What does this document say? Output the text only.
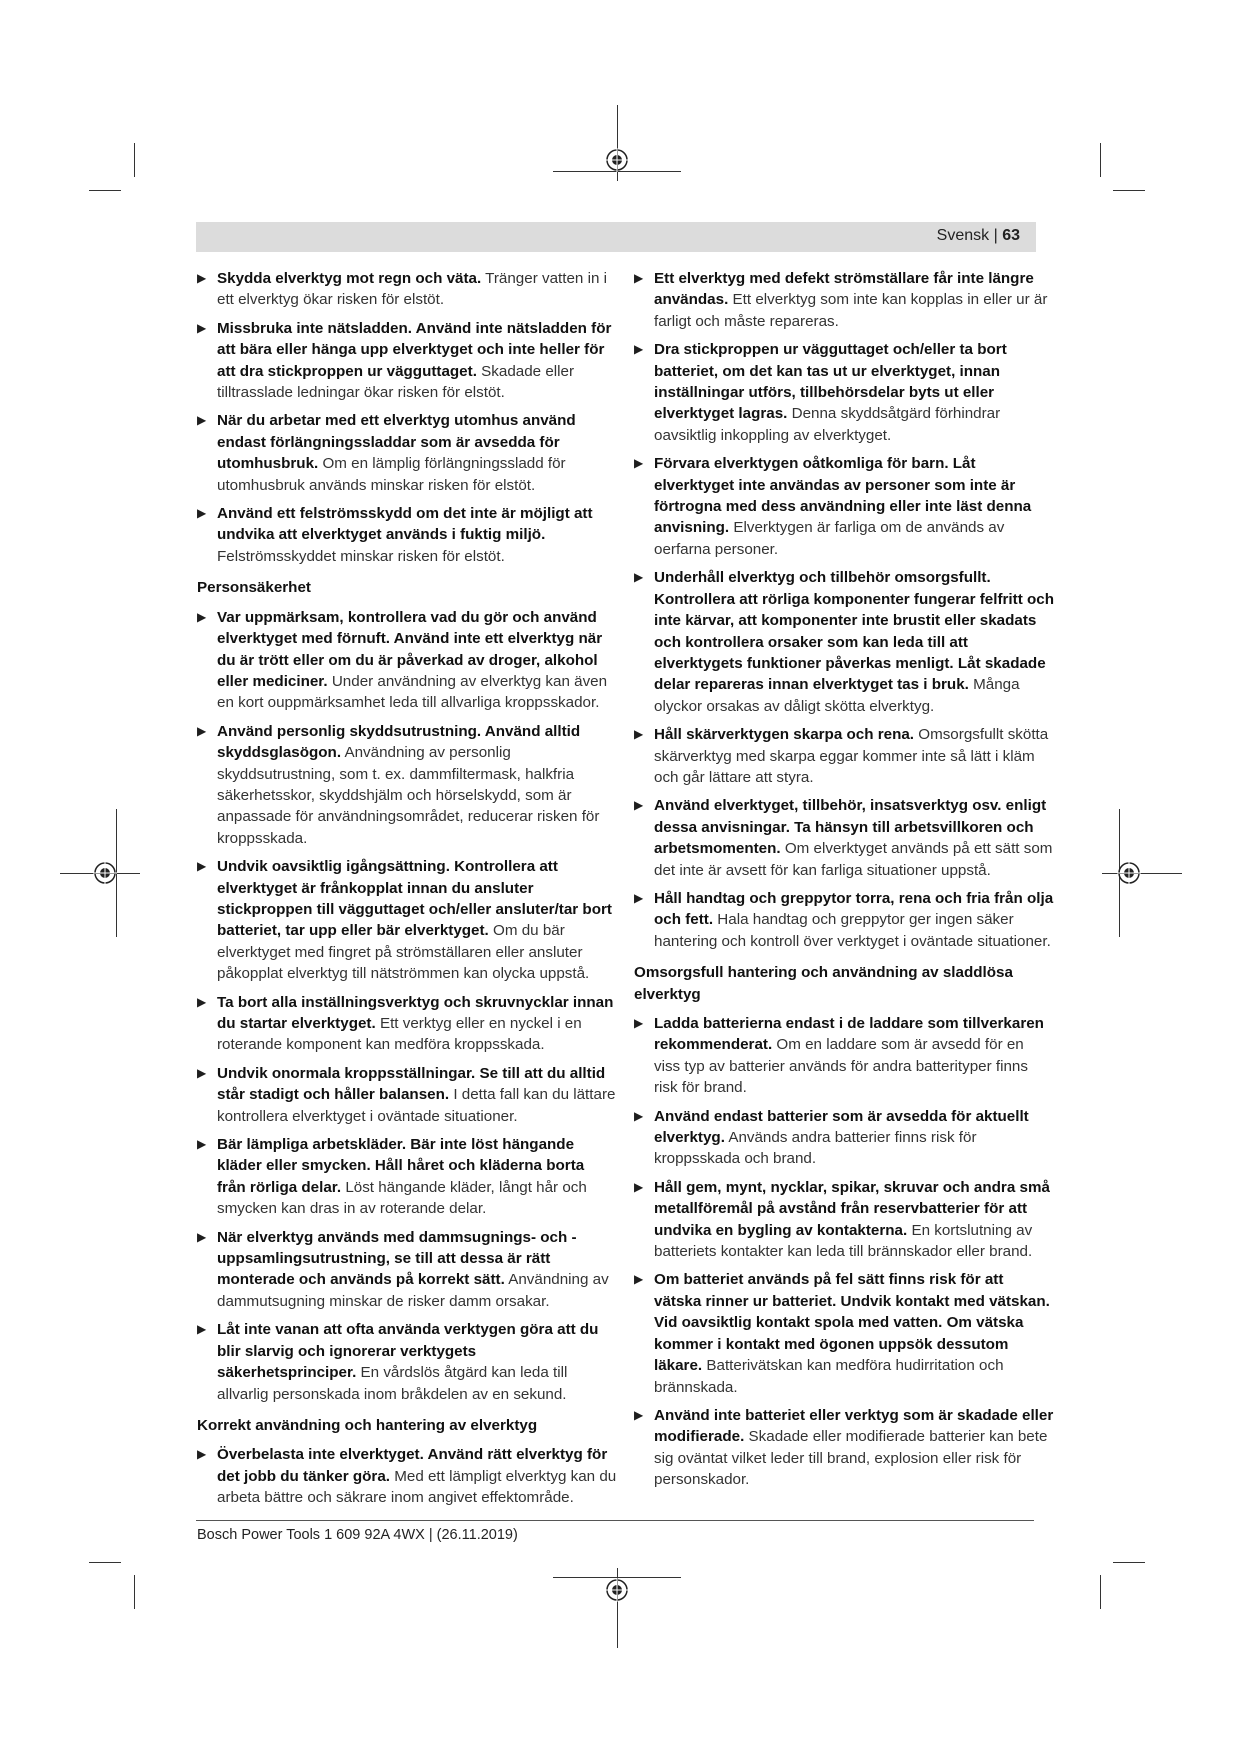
Svensk | 63
▶ Skydda elverktyg mot regn och väta. Tränger vatten in i ett elverktyg ökar risken för elstöt.
▶ Missbruka inte nätsladden. Använd inte nätsladden för att bära eller hänga upp elverktyget och inte heller för att dra stickproppen ur vägguttaget. Skadade eller tilltrasslade ledningar ökar risken för elstöt.
▶ När du arbetar med ett elverktyg utomhus använd endast förlängningssladdar som är avsedda för utomhusbruk. Om en lämplig förlängningssladd för utomhusbruk används minskar risken för elstöt.
▶ Använd ett felströmsskydd om det inte är möjligt att undvika att elverktyget används i fuktig miljö. Felströmsskyddet minskar risken för elstöt.
Personsäkerhet
▶ Var uppmärksam, kontrollera vad du gör och använd elverktyget med förnuft. Använd inte ett elverktyg när du är trött eller om du är påverkad av droger, alkohol eller mediciner. Under användning av elverktyg kan även en kort ouppmärksamhet leda till allvarliga kroppsskador.
▶ Använd personlig skyddsutrustning. Använd alltid skyddsglasögon. Användning av personlig skyddsutrustning, som t. ex. dammfiltermask, halkfria säkerhetsskor, skyddshjälm och hörselskydd, som är anpassade för användningsområdet, reducerar risken för kroppsskada.
▶ Undvik oavsiktlig igångsättning. Kontrollera att elverktyget är frånkopplat innan du ansluter stickproppen till vägguttaget och/eller ansluter/tar bort batteriet, tar upp eller bär elverktyget. Om du bär elverktyget med fingret på strömställaren eller ansluter påkopplat elverktyg till nätströmmen kan olycka uppstå.
▶ Ta bort alla inställningsverktyg och skruvnycklar innan du startar elverktyget. Ett verktyg eller en nyckel i en roterande komponent kan medföra kroppsskada.
▶ Undvik onormala kroppsställningar. Se till att du alltid står stadigt och håller balansen. I detta fall kan du lättare kontrollera elverktyget i oväntade situationer.
▶ Bär lämpliga arbetskläder. Bär inte löst hängande kläder eller smycken. Håll håret och kläderna borta från rörliga delar. Löst hängande kläder, långt hår och smycken kan dras in av roterande delar.
▶ När elverktyg används med dammsugnings- och -uppsamlingsutrustning, se till att dessa är rätt monterade och används på korrekt sätt. Användning av dammutsugning minskar de risker damm orsakar.
▶ Låt inte vanan att ofta använda verktygen göra att du blir slarvig och ignorerar verktygets säkerhetsprinciper. En vårdslös åtgärd kan leda till allvarlig personskada inom bråkdelen av en sekund.
Korrekt användning och hantering av elverktyg
▶ Överbelasta inte elverktyget. Använd rätt elverktyg för det jobb du tänker göra. Med ett lämpligt elverktyg kan du arbeta bättre och säkrare inom angivet effektområde.
▶ Ett elverktyg med defekt strömställare får inte längre användas. Ett elverktyg som inte kan kopplas in eller ur är farligt och måste repareras.
▶ Dra stickproppen ur vägguttaget och/eller ta bort batteriet, om det kan tas ut ur elverktyget, innan inställningar utförs, tillbehörsdelar byts ut eller elverktyget lagras. Denna skyddsåtgärd förhindrar oavsiktlig inkoppling av elverktyget.
▶ Förvara elverktygen oåtkomliga för barn. Låt elverktyget inte användas av personer som inte är förtrogna med dess användning eller inte läst denna anvisning. Elverktygen är farliga om de används av oerfarna personer.
▶ Underhåll elverktyg och tillbehör omsorgsfullt. Kontrollera att rörliga komponenter fungerar felfritt och inte kärvar, att komponenter inte brustit eller skadats och kontrollera orsaker som kan leda till att elverktygets funktioner påverkas menligt. Låt skadade delar repareras innan elverktyget tas i bruk. Många olyckor orsakas av dåligt skötta elverktyg.
▶ Håll skärverktygen skarpa och rena. Omsorgsfullt skötta skärverktyg med skarpa eggar kommer inte så lätt i kläm och går lättare att styra.
▶ Använd elverktyget, tillbehör, insatsverktyg osv. enligt dessa anvisningar. Ta hänsyn till arbetsvillkoren och arbetsmomenten. Om elverktyget används på ett sätt som det inte är avsett för kan farliga situationer uppstå.
▶ Håll handtag och greppytor torra, rena och fria från olja och fett. Hala handtag och greppytor ger ingen säker hantering och kontroll över verktyget i oväntade situationer.
Omsorgsfull hantering och användning av sladdlösa elverktyg
▶ Ladda batterierna endast i de laddare som tillverkaren rekommenderat. Om en laddare som är avsedd för en viss typ av batterier används för andra batterityper finns risk för brand.
▶ Använd endast batterier som är avsedda för aktuellt elverktyg. Används andra batterier finns risk för kroppsskada och brand.
▶ Håll gem, mynt, nycklar, spikar, skruvar och andra små metallföremål på avstånd från reservbatterier för att undvika en bygling av kontakterna. En kortslutning av batteriets kontakter kan leda till brännskador eller brand.
▶ Om batteriet används på fel sätt finns risk för att vätska rinner ur batteriet. Undvik kontakt med vätskan. Vid oavsiktlig kontakt spola med vatten. Om vätska kommer i kontakt med ögonen uppsök dessutom läkare. Batterivätskan kan medföra hudirritation och brännskada.
▶ Använd inte batteriet eller verktyg som är skadade eller modifierade. Skadade eller modifierade batterier kan bete sig oväntat vilket leder till brand, explosion eller risk för personskador.
Bosch Power Tools 1 609 92A 4WX | (26.11.2019)
